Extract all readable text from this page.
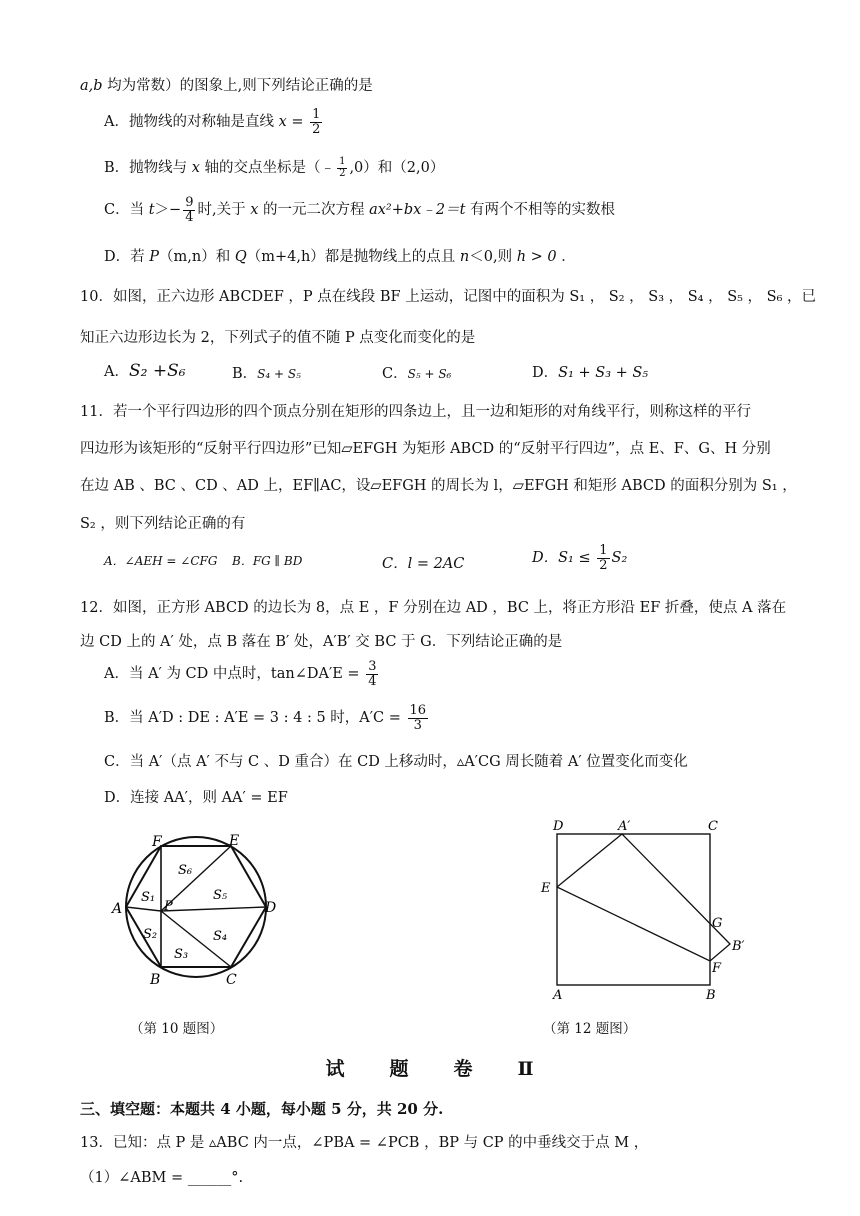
a,b 均为常数）的图象上,则下列结论正确的是
A．抛物线的对称轴是直线 $x = \frac{1}{2}$
B．抛物线与 x 轴的交点坐标是（﹣ $\frac{1}{2} ,0$）和（2,0）
C．当 $t>- \frac{9}{4}$ 时,关于 x 的一元二次方程 ax²+bx﹣2＝t 有两个不相等的实数根
D．若 P（m,n）和 Q（m+4,h）都是抛物线上的点且 n＜0,则 h > 0 ．
10．如图，正六边形 ABCDEF ，P 点在线段 BF 上运动，记图中的面积为 S₁ ， S₂ ， S₃ ， S₄ ， S₅ ， S₆ ，已
知正六边形边长为 2，下列式子的值不随 P 点变化而变化的是
A．S₂ +S₆	B．S₄ + S₅	C．S₅ + S₆	D．S₁ + S₃ + S₅
11．若一个平行四边形的四个顶点分别在矩形的四条边上，且一边和矩形的对角线平行，则称这样的平行
四边形为该矩形的“反射平行四边形”已知▱EFGH 为矩形 ABCD 的“反射平行四边”，点 E、F、G、H 分别
在边 AB 、BC 、CD 、AD 上，EF∥AC，设▱EFGH 的周长为 l，▱EFGH 和矩形 ABCD 的面积分别为 S₁ ，
S₂ ，则下列结论正确的有
A．∠AEH = ∠CFG B．FG ∥ BD	C．l = 2AC	D．$S_1 \le \frac{1}{2} S_2$
12．如图，正方形 ABCD 的边长为 8，点 E ，F 分别在边 AD ，BC 上，将正方形沿 EF 折叠，使点 A 落在
边 CD 上的 A′ 处，点 B 落在 B′ 处，A′B′ 交 BC 于 G．下列结论正确的是
A．当 A′ 为 CD 中点时，tan∠DA′E = $\frac{3}{4}$
B．当 A′D : DE : A′E = 3 : 4 : 5 时，$A'C = \frac{16}{3}$
C．当 A′（点 A′ 不与 C 、D 重合）在 CD 上移动时，▵A′CG 周长随着 A′ 位置变化而变化
D．连接 AA′，则 AA′ = EF
A
B	C
D
E
F
P
S₆
S₅
S₁
S₂
S₃
S₄
D	A′	C
E
G
B′
F
A	B
（第 10 题图）	（第 12 题图）
试 题 卷 Ⅱ
三、填空题：本题共 4 小题，每小题 5 分，共 20 分.
13．已知：点 P 是 ▵ABC 内一点，∠PBA = ∠PCB ，BP 与 CP 的中垂线交于点 M ，
（1）∠ABM = ______°.
